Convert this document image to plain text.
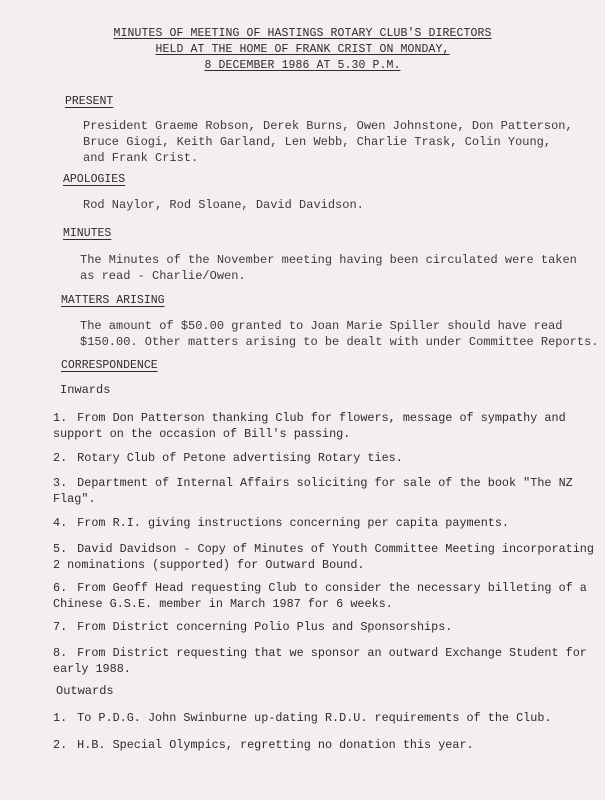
MINUTES OF MEETING OF HASTINGS ROTARY CLUB'S DIRECTORS
HELD AT THE HOME OF FRANK CRIST ON MONDAY,
8 DECEMBER 1986 AT 5.30 P.M.
PRESENT
President Graeme Robson, Derek Burns, Owen Johnstone, Don Patterson,
Bruce Giogi, Keith Garland, Len Webb, Charlie Trask, Colin Young,
and Frank Crist.
APOLOGIES
Rod Naylor, Rod Sloane, David Davidson.
MINUTES
The Minutes of the November meeting having been circulated were taken
as read - Charlie/Owen.
MATTERS ARISING
The amount of $50.00 granted to Joan Marie Spiller should have read
$150.00. Other matters arising to be dealt with under Committee Reports.
CORRESPONDENCE
Inwards
1. From Don Patterson thanking Club for flowers, message of sympathy and
support on the occasion of Bill's passing.
2. Rotary Club of Petone advertising Rotary ties.
3. Department of Internal Affairs soliciting for sale of the book "The NZ
Flag".
4. From R.I. giving instructions concerning per capita payments.
5. David Davidson - Copy of Minutes of Youth Committee Meeting incorporating
2 nominations (supported) for Outward Bound.
6. From Geoff Head requesting Club to consider the necessary billeting of a
Chinese G.S.E. member in March 1987 for 6 weeks.
7. From District concerning Polio Plus and Sponsorships.
8. From District requesting that we sponsor an outward Exchange Student for
early 1988.
Outwards
1. To P.D.G. John Swinburne up-dating R.D.U. requirements of the Club.
2. H.B. Special Olympics, regretting no donation this year.
